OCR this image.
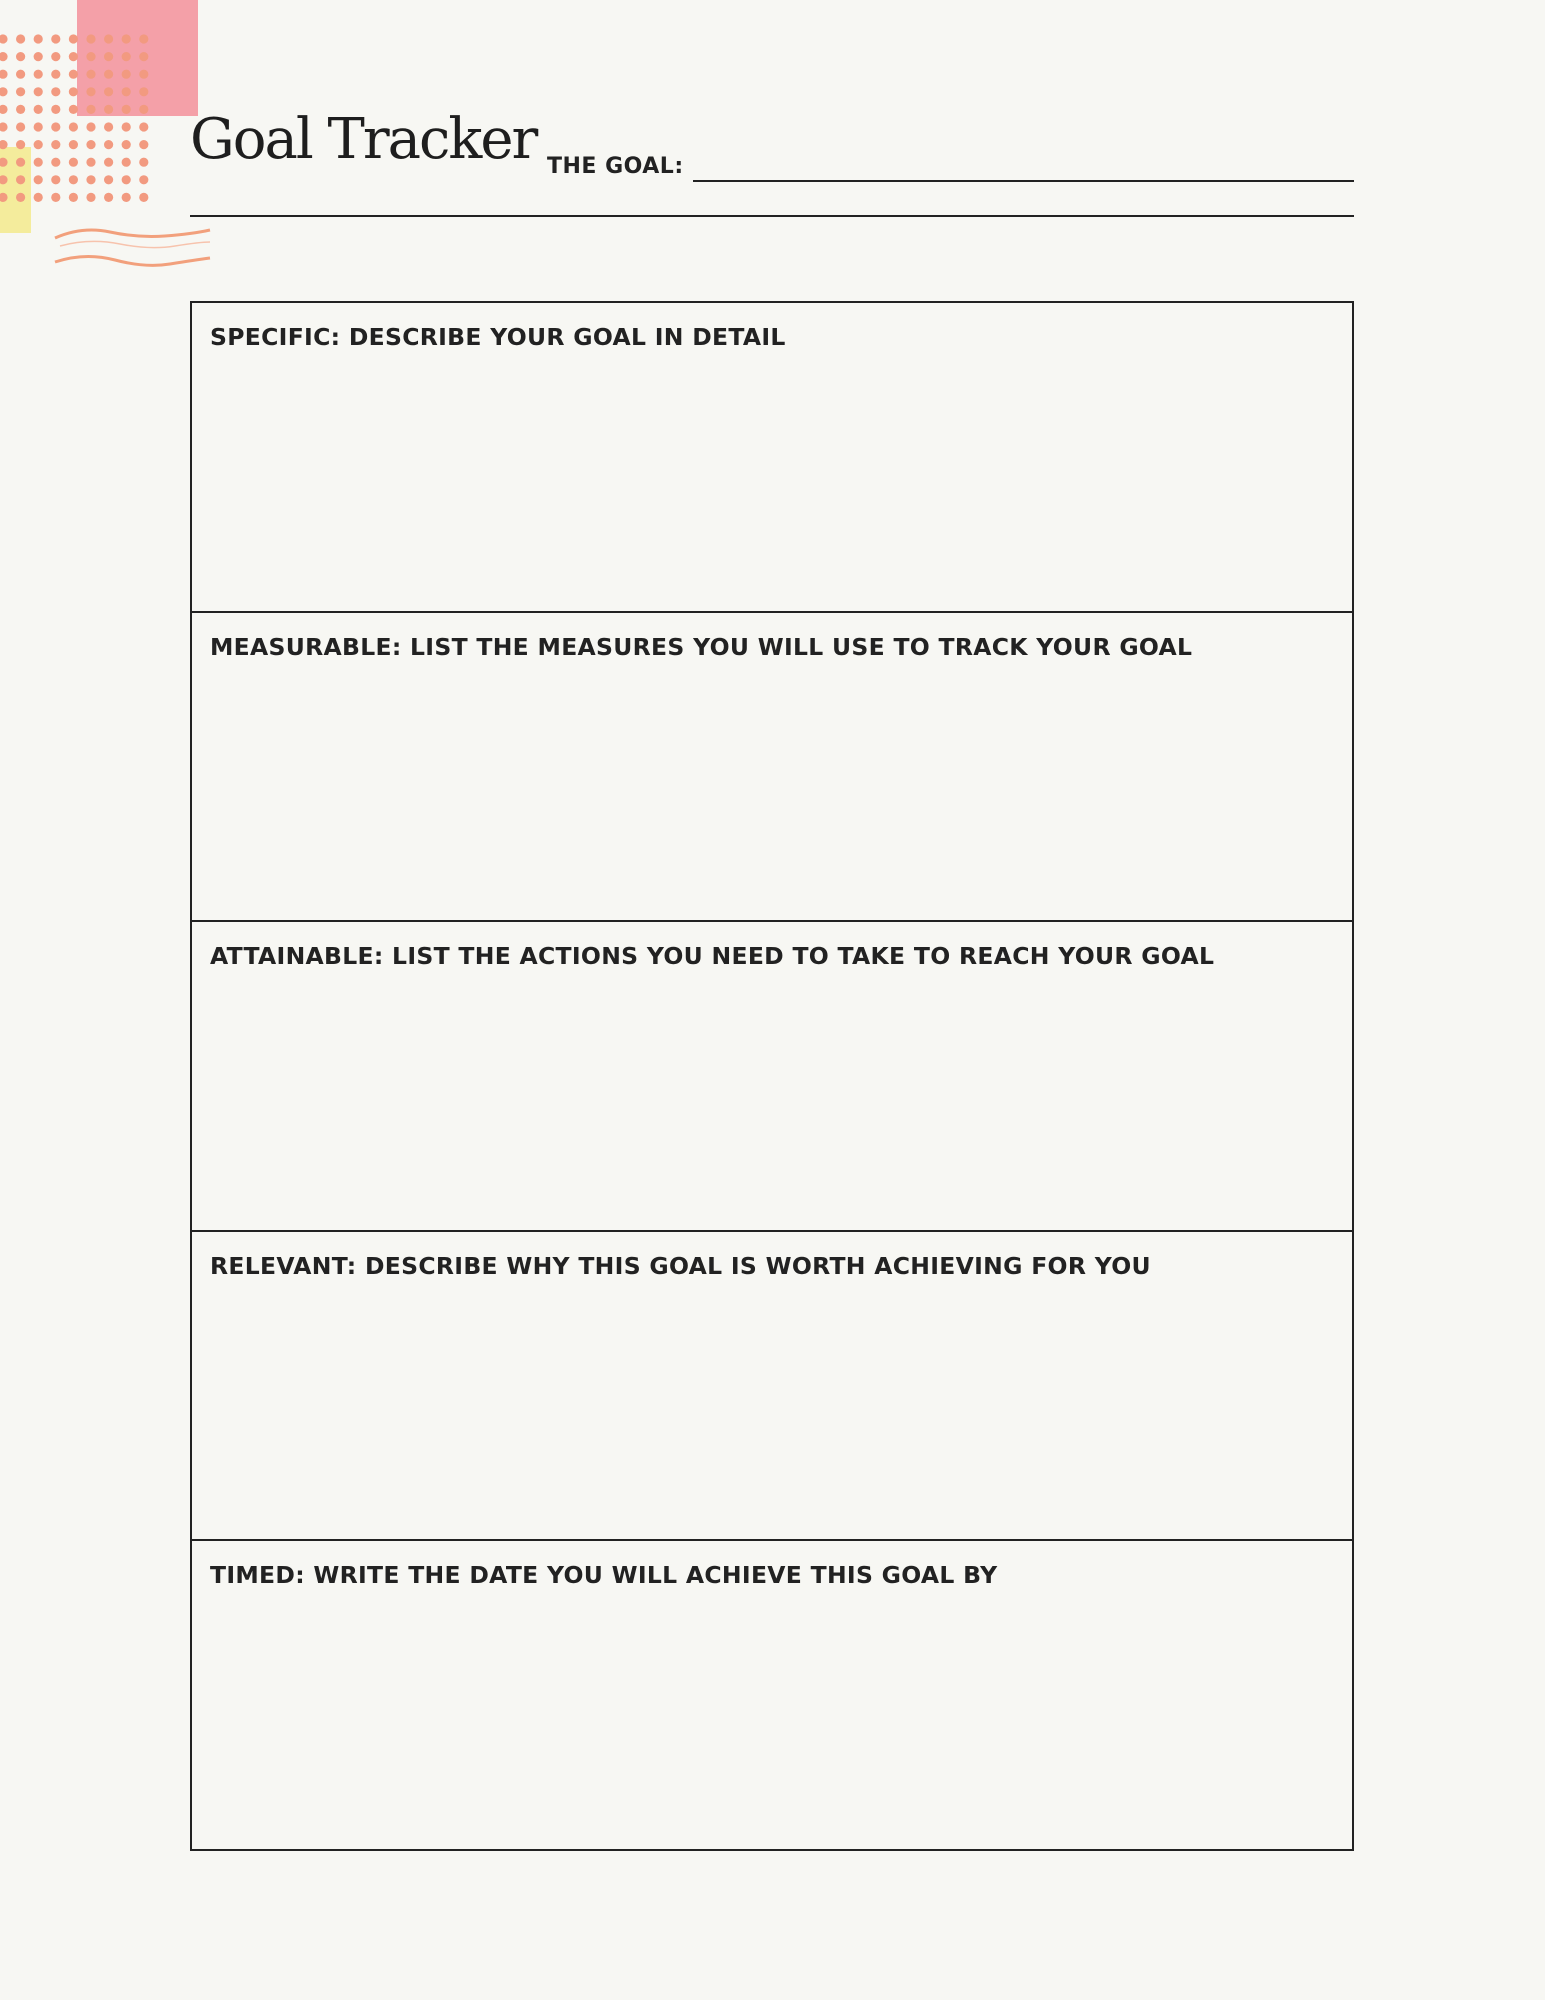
Goal Tracker THE GOAL:
SPECIFIC: DESCRIBE YOUR GOAL IN DETAIL
MEASURABLE: LIST THE MEASURES YOU WILL USE TO TRACK YOUR GOAL
ATTAINABLE: LIST THE ACTIONS YOU NEED TO TAKE TO REACH YOUR GOAL
RELEVANT: DESCRIBE WHY THIS GOAL IS WORTH ACHIEVING FOR YOU
TIMED: WRITE THE DATE YOU WILL ACHIEVE THIS GOAL BY
